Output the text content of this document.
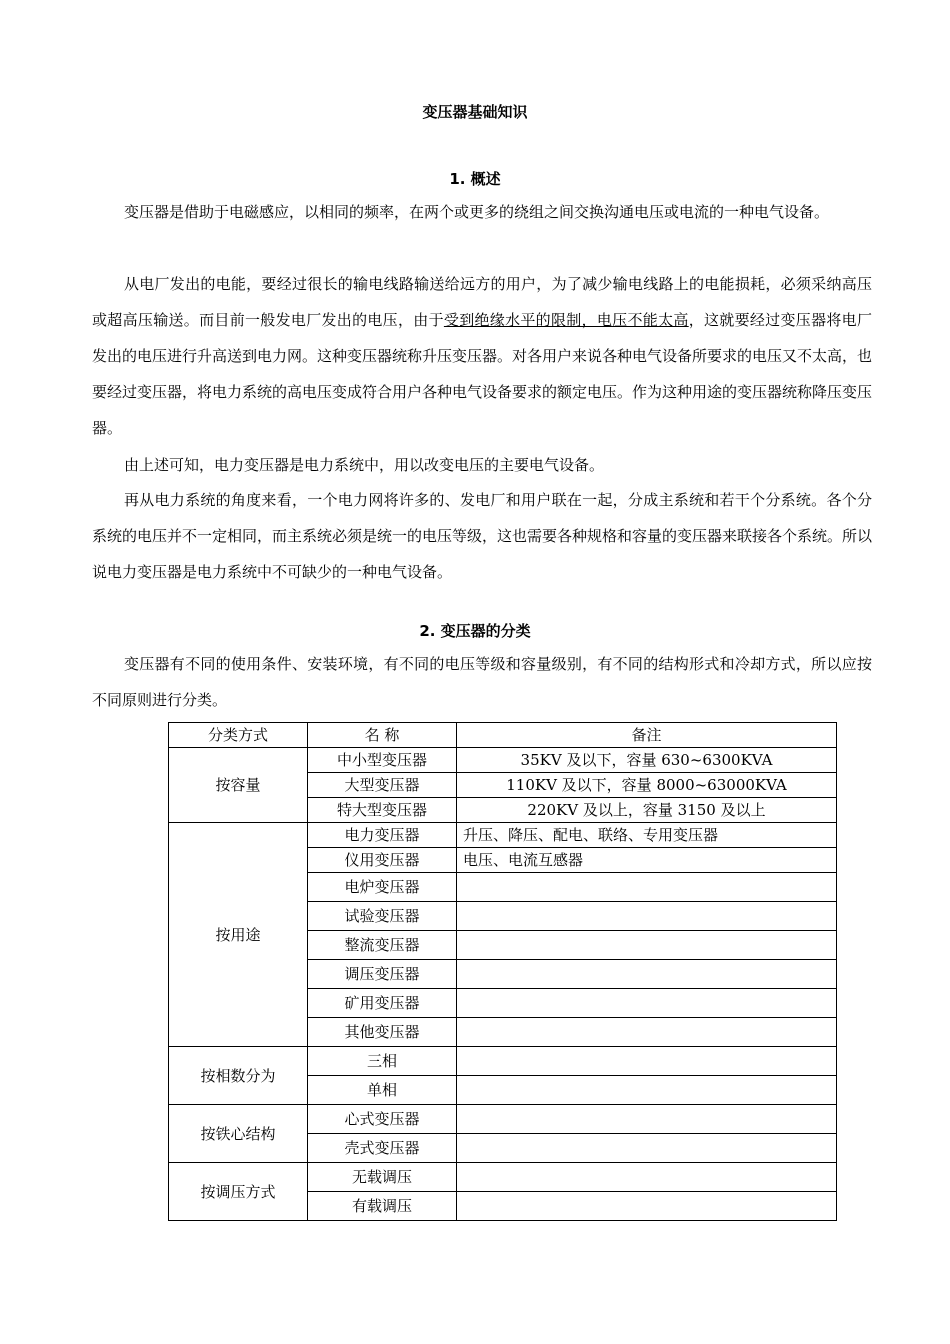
变压器基础知识
1. 概述
变压器是借助于电磁感应，以相同的频率，在两个或更多的绕组之间交换沟通电压或电流的一种电气设备。
从电厂发出的电能，要经过很长的输电线路输送给远方的用户，为了减少输电线路上的电能损耗，必须采纳高压或超高压输送。而目前一般发电厂发出的电压，由于受到绝缘水平的限制，电压不能太高，这就要经过变压器将电厂发出的电压进行升高送到电力网。这种变压器统称升压变压器。对各用户来说各种电气设备所要求的电压又不太高，也要经过变压器，将电力系统的高电压变成符合用户各种电气设备要求的额定电压。作为这种用途的变压器统称降压变压器。
由上述可知，电力变压器是电力系统中，用以改变电压的主要电气设备。
再从电力系统的角度来看，一个电力网将许多的、发电厂和用户联在一起，分成主系统和若干个分系统。各个分系统的电压并不一定相同，而主系统必须是统一的电压等级，这也需要各种规格和容量的变压器来联接各个系统。所以说电力变压器是电力系统中不可缺少的一种电气设备。
2. 变压器的分类
变压器有不同的使用条件、安装环境，有不同的电压等级和容量级别，有不同的结构形式和冷却方式，所以应按不同原则进行分类。
分类方式	名 称	备注
按容量	中小型变压器	35KV 及以下，容量 630~6300KVA
	大型变压器	110KV 及以下，容量 8000~63000KVA
	特大型变压器	220KV 及以上，容量 3150 及以上
按用途	电力变压器	升压、降压、配电、联络、专用变压器
	仪用变压器	电压、电流互感器
	电炉变压器	
	试验变压器	
	整流变压器	
	调压变压器	
	矿用变压器	
	其他变压器	
按相数分为	三相	
	单相	
按铁心结构	心式变压器	
	壳式变压器	
按调压方式	无载调压	
	有载调压	
